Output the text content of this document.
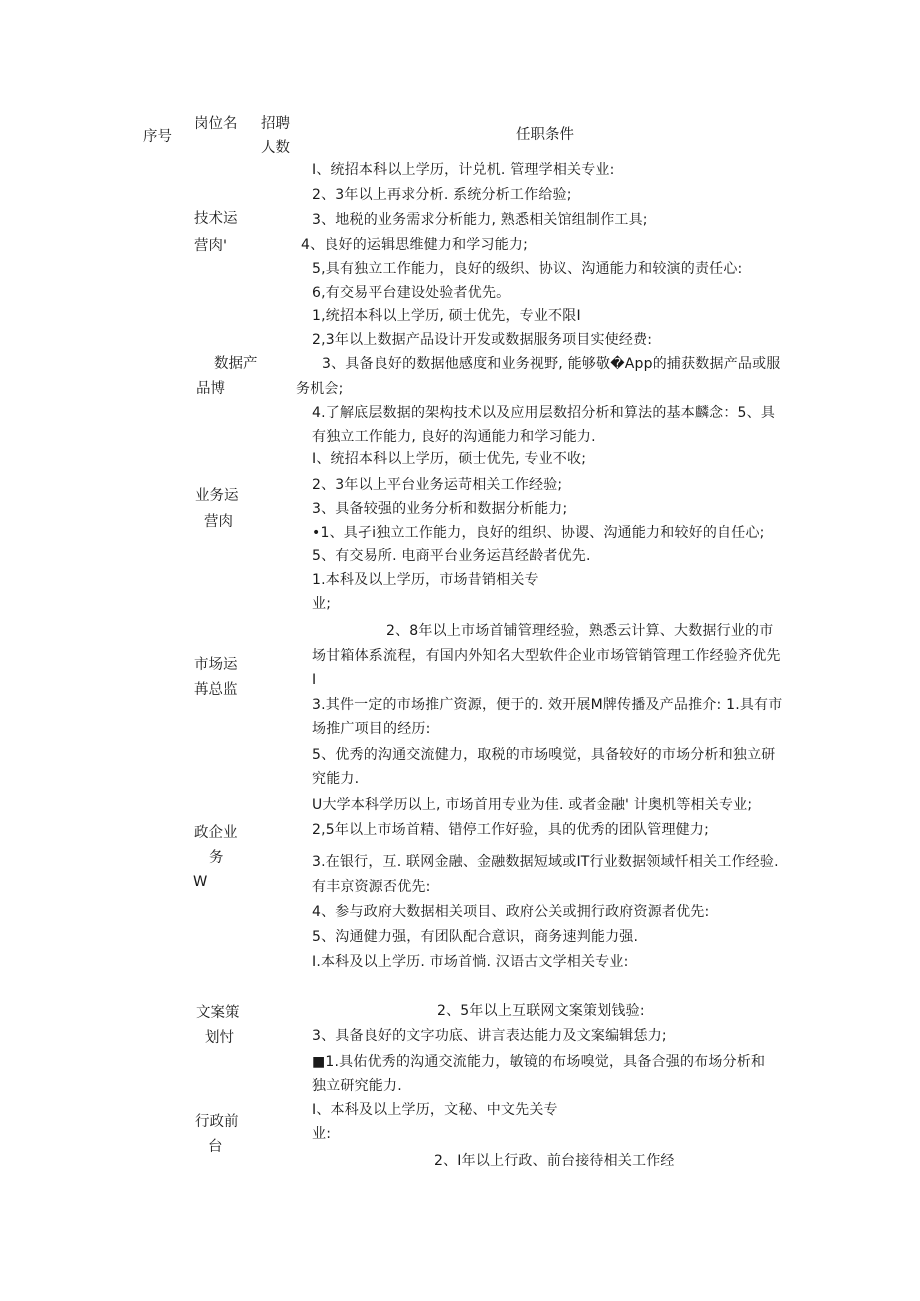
序号
岗位名 招聘
人数
任职条件
技术运
营肉'
I、统招本科以上学历，计兑机. 管理学相关专业:
2、3年以上再求分析. 系统分析工作给验;
3、地税的业务需求分析能力, 熟悉相关馆组制作工具;
4、良好的运辑思维健力和学习能力;
5,具有独立工作能力，良好的级织、协议、沟通能力和较演的责任心:
6,有交易平台建设处验者优先。
数据产
品博
1,统招本科以上学历, 硕士优先，专业不限I
2,3年以上数据产品设计开发或数据服务项目实使经费:
3、具备良好的数据他感度和业务视野, 能够敬�App的捕获数据产品或服
务机会;
4.了解底层数据的架构技术以及应用层数招分析和算法的基本麟念：5、具
有独立工作能力, 良好的沟通能力和学习能力.
业务运
营肉
I、统招本科以上学历，硕士优先, 专业不收;
2、3年以上平台业务运苛相关工作经验;
3、具备较强的业务分析和数据分析能力;
•1、具孑i独立工作能力，良好的组织、协谡、沟通能力和较好的自任心;
5、有交易所. 电商平台业务运莒经龄者优先.
市场运
苒总监
1.本科及以上学历，市场昔销相关专
业;
2、8年以上市场首铺管理经验，熟悉云计算、大数据行业的市
场甘箱体系流程，有国内外知名大型软件企业市场管销管理工作经验齐优先
I
3.其件一定的市场推广资源，便于的. 效开展M牌传播及产品推介: 1.具有市
场推广项目的经历:
5、优秀的沟通交流健力，取税的市场嗅觉，具备较好的市场分析和独立研
究能力.
政企业
务
W
U大学本科学历以上, 市场首用专业为佳. 或者金融' 计奥机等相关专业;
2,5年以上市场首精、错停工作好验，具的优秀的团队管理健力;
3.在银行，互. 联网金融、金融数据短域或IT行业数据领域忏相关工作经验.
有丰京资源否优先:
4、参与政府大数据相关项目、政府公关或拥行政府资源者优先:
5、沟通健力强，有团队配合意识，商务速判能力强.
文案策
划忖
I.本科及以上学历. 市场首惝. 汉语古文学相关专业:
2、5年以上互联网文案策划钱验:
3、具备良好的文字功底、讲言表达能力及文案编辑恁力;
■1.具佑优秀的沟通交流能力，敏镜的布场嗅觉，具备合强的布场分析和
独立研究能力.
行政前
台
I、本科及以上学历，文秘、中文先关专
业:
2、I年以上行政、前台接待相关工作经
